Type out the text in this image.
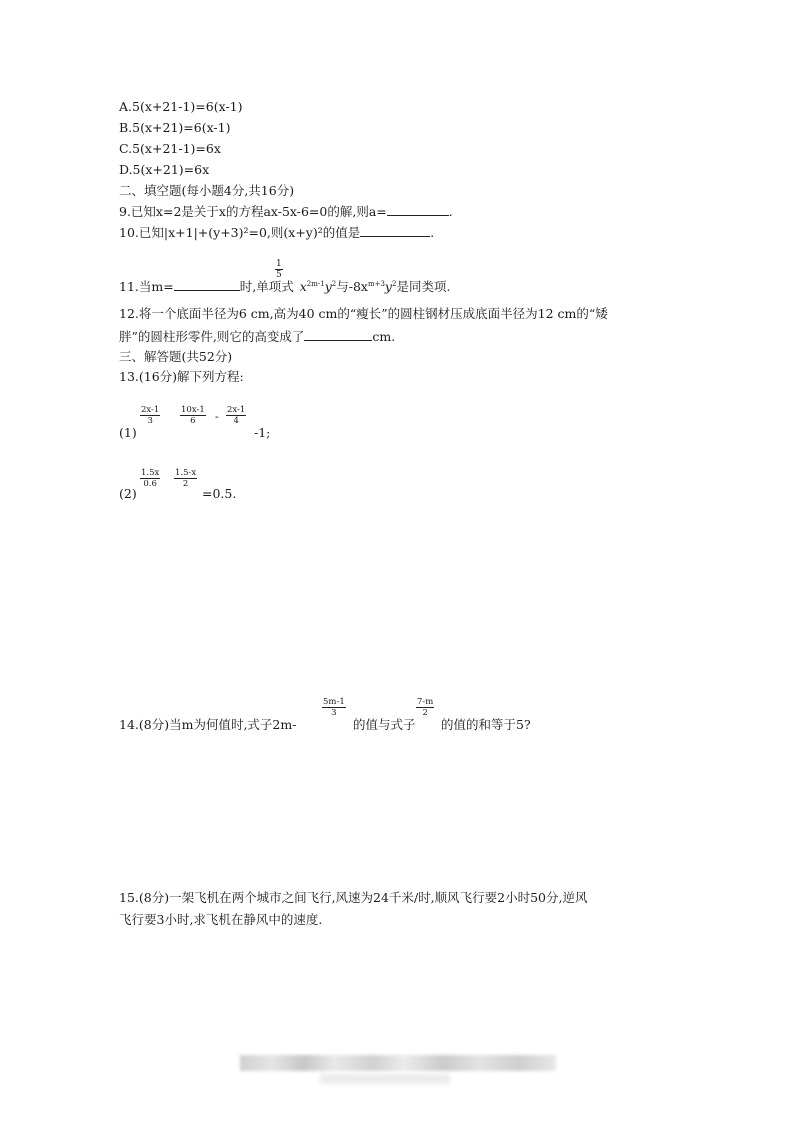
A.5(x+21-1)=6(x-1)
B.5(x+21)=6(x-1)
C.5(x+21-1)=6x
D.5(x+21)=6x
二、填空题(每小题4分,共16分)
9.已知x=2是关于x的方程ax-5x-6=0的解,则a=	.
10.已知|x+1|+(y+3)²=0,则(x+y)²的值是	.
$\frac{1}{5}$
11.当m=	时,单项式 $x^{2m-1}y^2$与$-8x^{m+3}y^2$是同类项.
12.将一个底面半径为6 cm,高为40 cm的“瘦长”的圆柱钢材压成底面半径为12 cm的“矮
胖”的圆柱形零件,则它的高变成了	cm.
三、解答题(共52分)
13.(16分)解下列方程:
$\frac{2x-1}{3} \frac{10x-1}{6} - \frac{2x-1}{4}$
(1)	-1;
$\frac{1.5x}{0.6} \frac{1.5-x}{2}$
(2)	=0.5.
$\frac{5m-1}{3}$	$\frac{7-m}{2}$
14.(8分)当m为何值时,式子2m-	的值与式子 的值的和等于5?
15.(8分)一架飞机在两个城市之间飞行,风速为24千米/时,顺风飞行要2小时50分,逆风
飞行要3小时,求飞机在静风中的速度.
